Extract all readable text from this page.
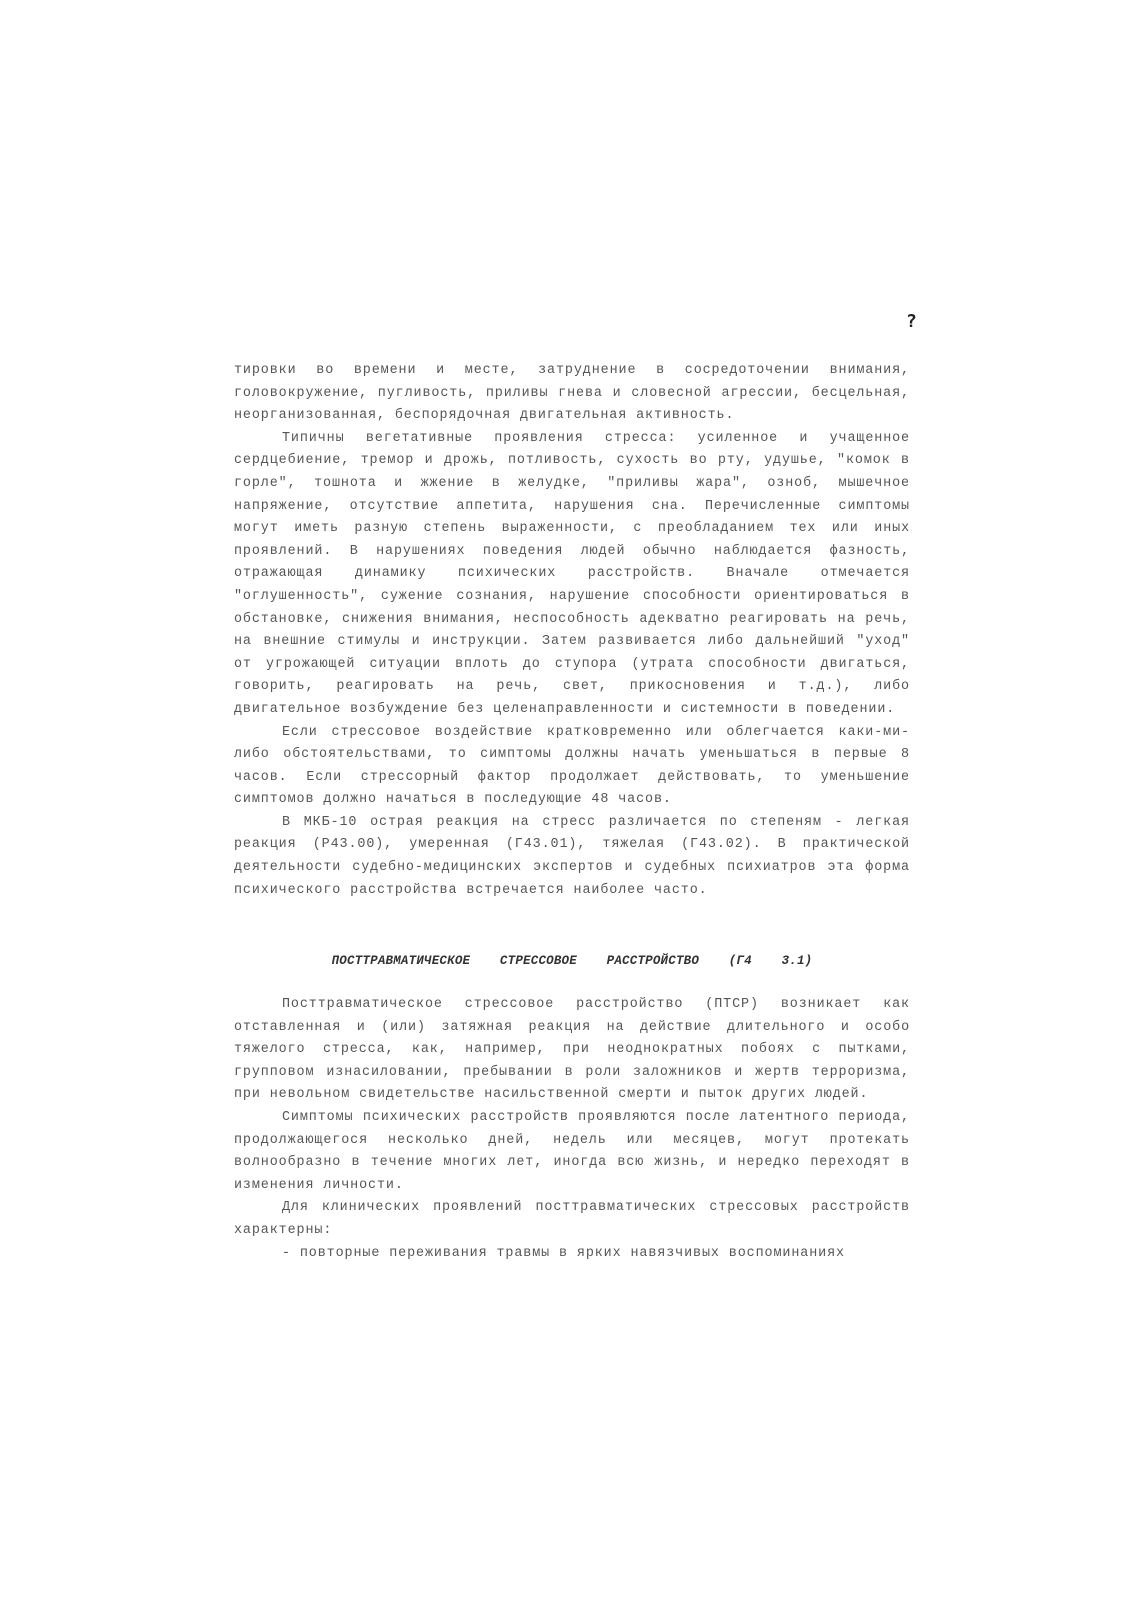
?

тировки во времени и месте, затруднение в сосредоточении внимания, головокружение, пугливость, приливы гнева и словесной агрессии, бесцельная, неорганизованная, беспорядочная двигательная активность.

Типичны вегетативные проявления стресса: усиленное и учащенное сердцебиение, тремор и дрожь, потливость, сухость во рту, удушье, "комок в горле", тошнота и жжение в желудке, "приливы жара", озноб, мышечное напряжение, отсутствие аппетита, нарушения сна. Перечисленные симптомы могут иметь разную степень выраженности, с преобладанием тех или иных проявлений. В нарушениях поведения людей обычно наблюдается фазность, отражающая динамику психических расстройств. Вначале отмечается "оглушенность", сужение сознания, нарушение способности ориентироваться в обстановке, снижения внимания, неспособность адекватно реагировать на речь, на внешние стимулы и инструкции. Затем развивается либо дальнейший "уход" от угрожающей ситуации вплоть до ступора (утрата способности двигаться, говорить, реагировать на речь, свет, прикосновения и т.д.), либо двигательное возбуждение без целенаправленности и системности в поведении.

Если стрессовое воздействие кратковременно или облегчается каки-ми-либо обстоятельствами, то симптомы должны начать уменьшаться в первые 8 часов. Если стрессорный фактор продолжает действовать, то уменьшение симптомов должно начаться в последующие 48 часов.

В МКБ-10 острая реакция на стресс различается по степеням - легкая реакция (Р43.00), умеренная (Г43.01), тяжелая (Г43.02). В практической деятельности судебно-медицинских экспертов и судебных психиатров эта форма психического расстройства встречается наиболее часто.

ПОСТТРАВМАТИЧЕСКОЕ СТРЕССОВОЕ РАССТРОЙСТВО (Г4 3.1)

Посттравматическое стрессовое расстройство (ПТСР) возникает как отставленная и (или) затяжная реакция на действие длительного и особо тяжелого стресса, как, например, при неоднократных побоях с пытками, групповом изнасиловании, пребывании в роли заложников и жертв терроризма, при невольном свидетельстве насильственной смерти и пыток других людей.

Симптомы психических расстройств проявляются после латентного периода, продолжающегося несколько дней, недель или месяцев, могут протекать волнообразно в течение многих лет, иногда всю жизнь, и нередко переходят в изменения личности.

Для клинических проявлений посттравматических стрессовых расстройств характерны:

- повторные переживания травмы в ярких навязчивых воспоминаниях
